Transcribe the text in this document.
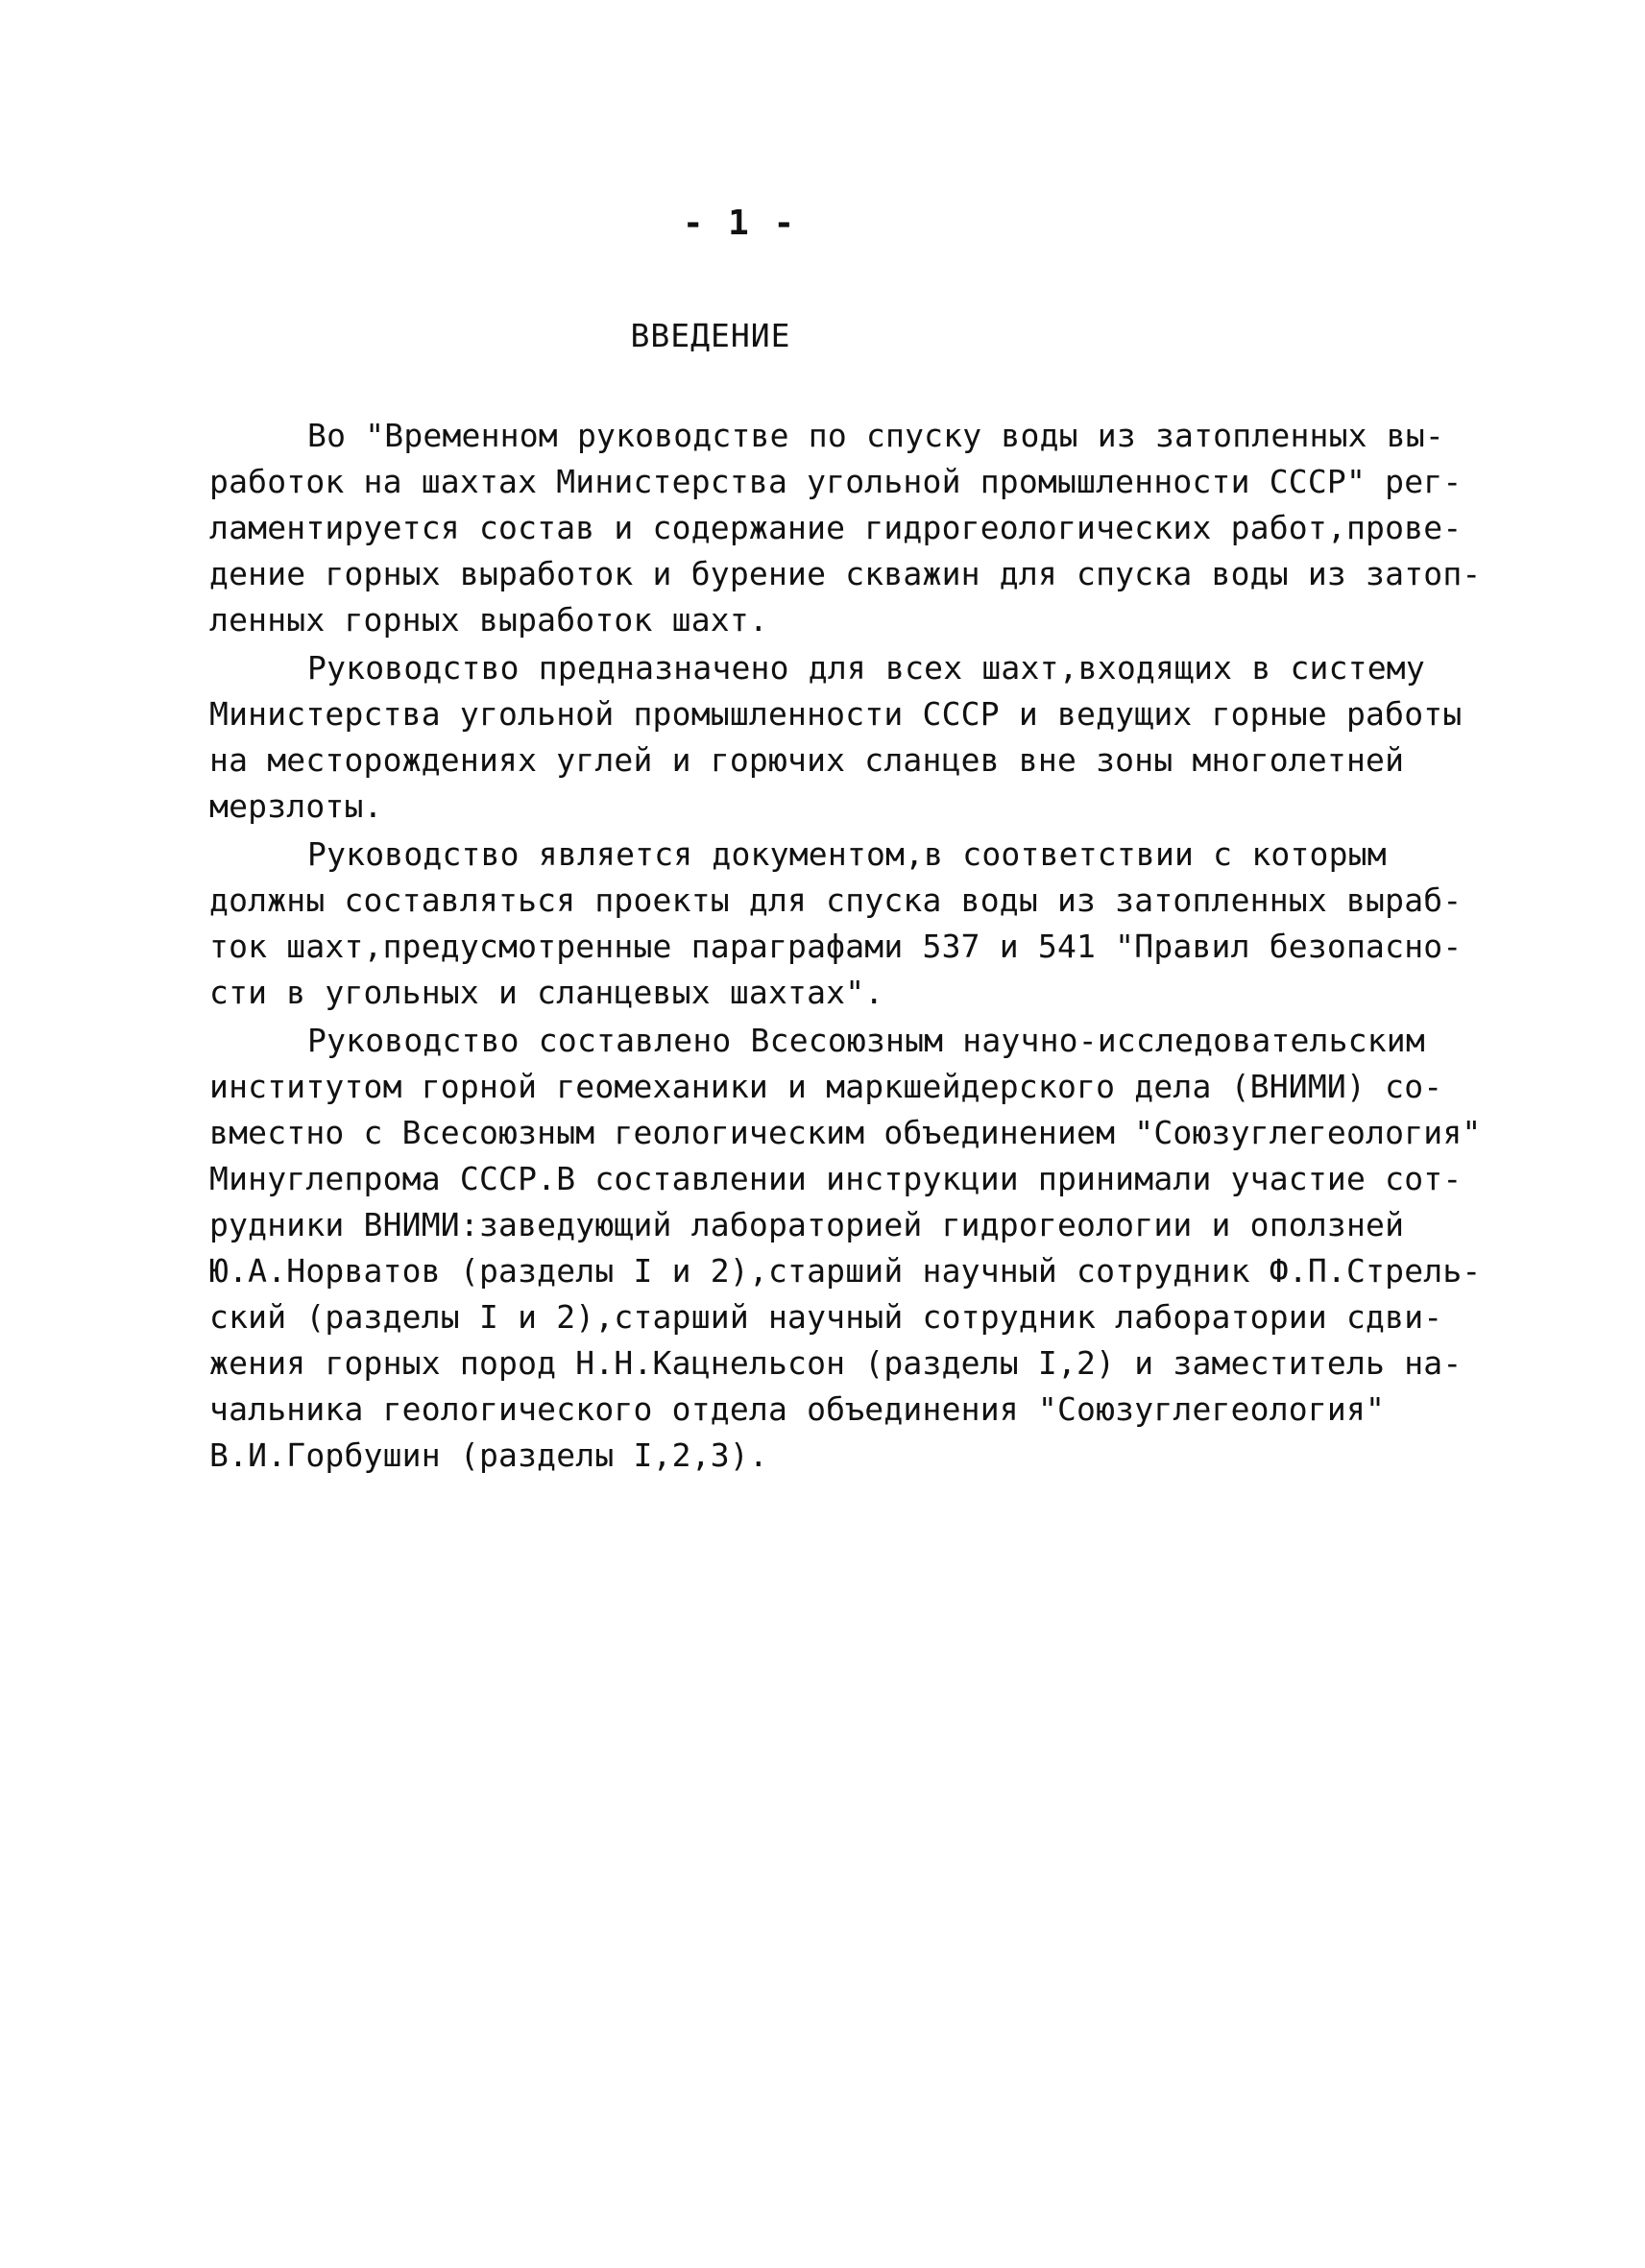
- 1 -
ВВЕДЕНИЕ
Во "Временном руководстве по спуску воды из затопленных вы-
работок на шахтах Министерства угольной промышленности СССР" рег-
ламентируется состав и содержание гидрогеологических работ,прове-
дение горных выработок и бурение скважин для спуска воды из затоп-
ленных горных выработок шахт.
Руководство предназначено для всех шахт,входящих в систему
Министерства угольной промышленности СССР и ведущих горные работы
на месторождениях углей и горючих сланцев вне зоны многолетней
мерзлоты.
Руководство является документом,в соответствии с которым
должны составляться проекты для спуска воды из затопленных выраб-
ток шахт,предусмотренные параграфами 537 и 541 "Правил безопасно-
сти в угольных и сланцевых шахтах".
Руководство составлено Всесоюзным научно-исследовательским
институтом горной геомеханики и маркшейдерского дела (ВНИМИ) со-
вместно с Всесоюзным геологическим объединением "Союзуглегеология"
Минуглепрома СССР.В составлении инструкции принимали участие сот-
рудники ВНИМИ:заведующий лабораторией гидрогеологии и оползней
Ю.А.Норватов (разделы I и 2),старший научный сотрудник Ф.П.Стрель-
ский (разделы I и 2),старший научный сотрудник лаборатории сдви-
жения горных пород Н.Н.Кацнельсон (разделы I,2) и заместитель на-
чальника геологического отдела объединения "Союзуглегеология"
В.И.Горбушин (разделы I,2,3).
